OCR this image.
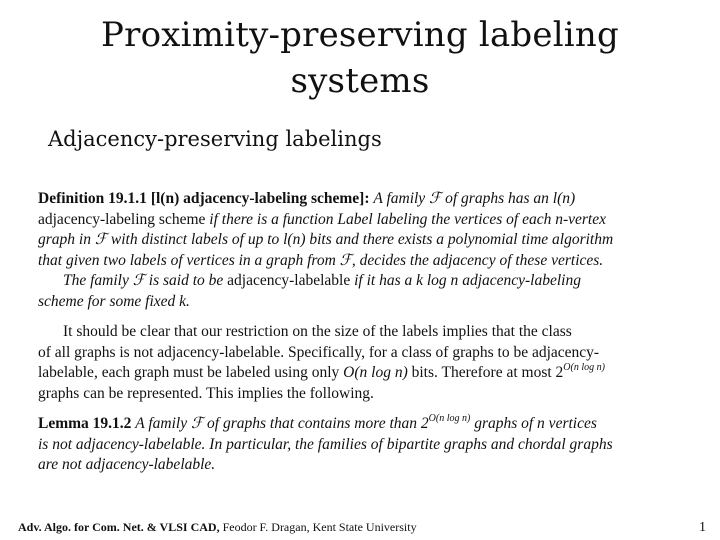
Proximity-preserving labeling
systems
Adjacency-preserving labelings
Definition 19.1.1 [l(n) adjacency-labeling scheme]: A family ℱ of graphs has an l(n)
adjacency-labeling scheme if there is a function Label labeling the vertices of each n-vertex
graph in ℱ with distinct labels of up to l(n) bits and there exists a polynomial time algorithm
that given two labels of vertices in a graph from ℱ, decides the adjacency of these vertices.
The family ℱ is said to be adjacency-labelable if it has a k log n adjacency-labeling
scheme for some fixed k.
It should be clear that our restriction on the size of the labels implies that the class
of all graphs is not adjacency-labelable. Specifically, for a class of graphs to be adjacency-
labelable, each graph must be labeled using only O(n log n) bits. Therefore at most $2^{O(n log n)}$
graphs can be represented. This implies the following.
Lemma 19.1.2 A family ℱ of graphs that contains more than $2^{O(n log n)}$ graphs of n vertices
is not adjacency-labelable. In particular, the families of bipartite graphs and chordal graphs
are not adjacency-labelable.
Adv. Algo. for Com. Net. & VLSI CAD, Feodor F. Dragan, Kent State University	1
